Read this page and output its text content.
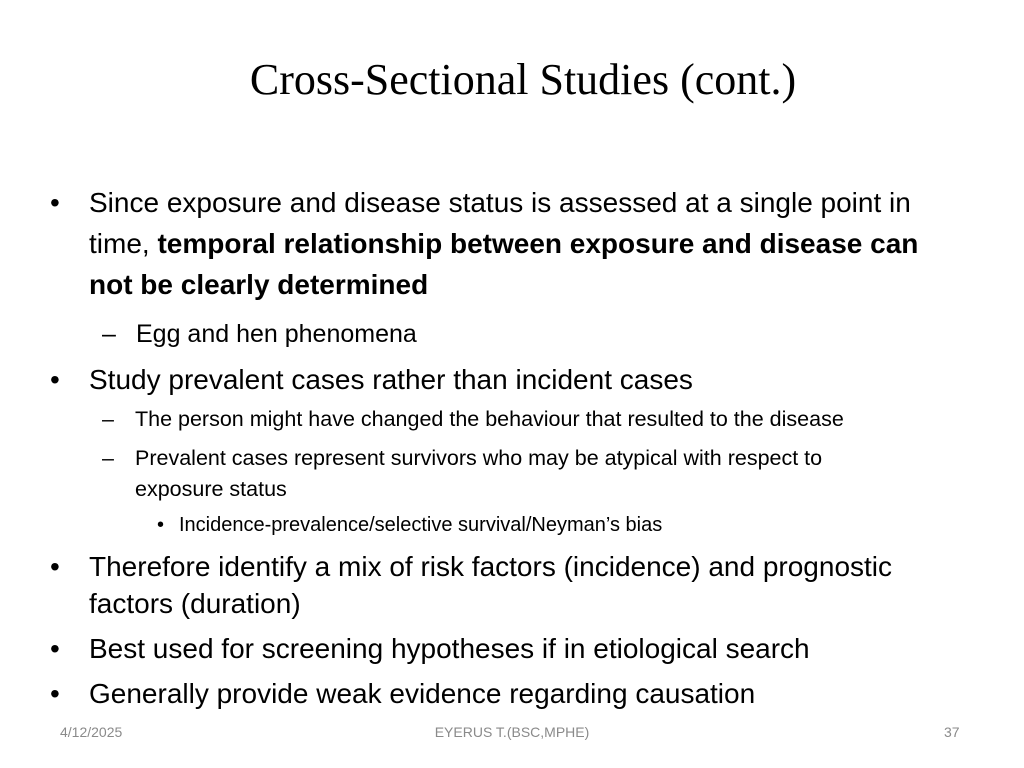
Cross-Sectional Studies (cont.)
• Since exposure and disease status is assessed at a single point in
time, temporal relationship between exposure and disease can
not be clearly determined
– Egg and hen phenomena
• Study prevalent cases rather than incident cases
– The person might have changed the behaviour that resulted to the disease
– Prevalent cases represent survivors who may be atypical with respect to
exposure status
• Incidence-prevalence/selective survival/Neyman’s bias
• Therefore identify a mix of risk factors (incidence) and prognostic
factors (duration)
• Best used for screening hypotheses if in etiological search
• Generally provide weak evidence regarding causation
4/12/2025	EYERUS T.(BSC,MPHE)	37
